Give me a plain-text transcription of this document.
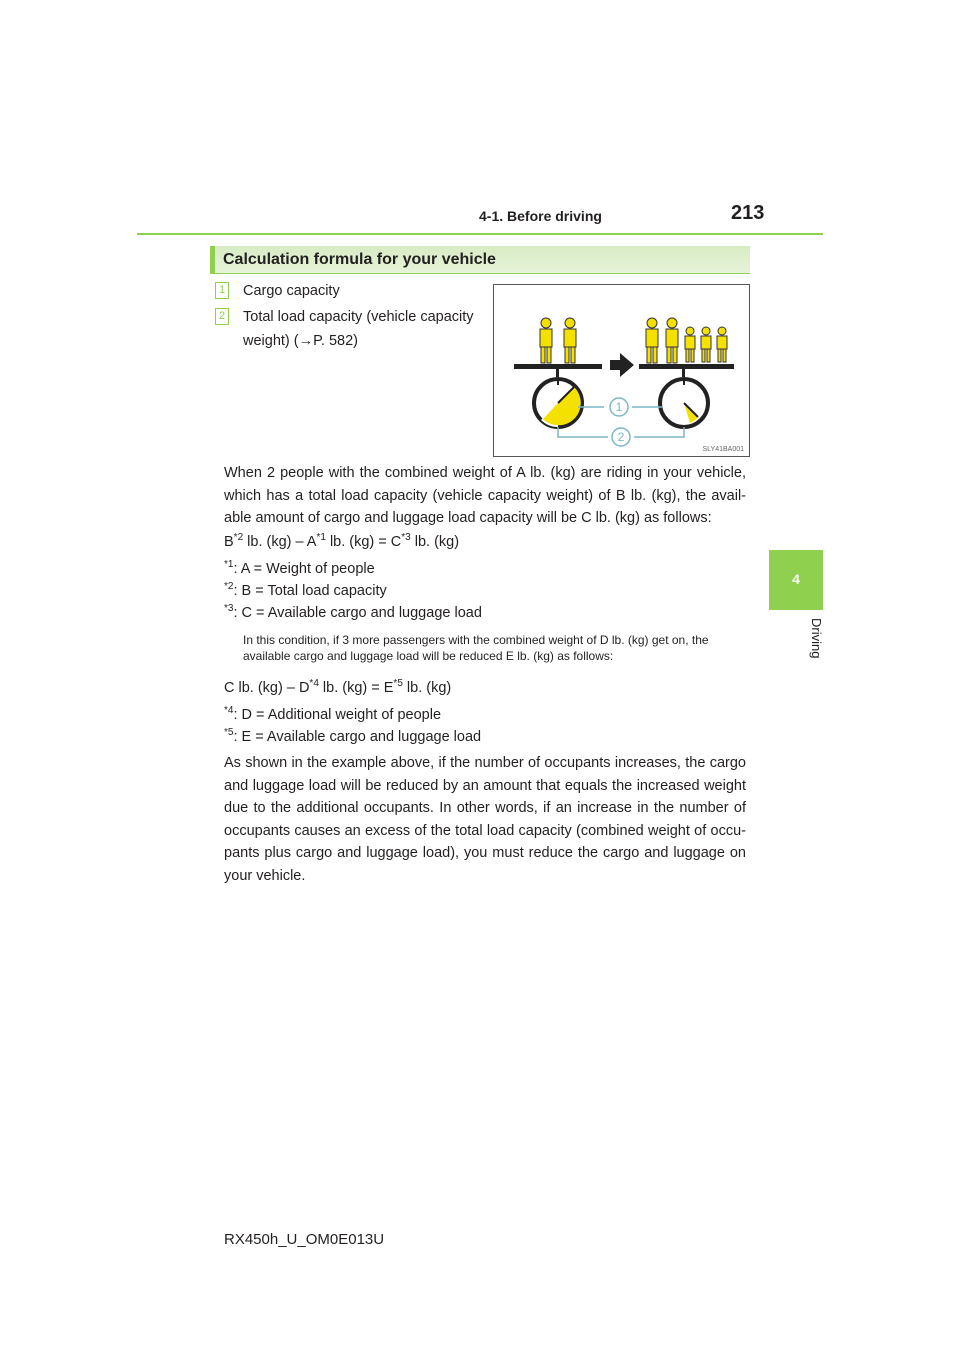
4-1. Before driving	213
4
Driving
Calculation formula for your vehicle
1 Cargo capacity
2 Total load capacity (vehicle capacity weight) (→P. 582)
1
2
SLY41BA001
When 2 people with the combined weight of A lb. (kg) are riding in your vehicle, which has a total load capacity (vehicle capacity weight) of B lb. (kg), the avail-able amount of cargo and luggage load capacity will be C lb. (kg) as follows:
$B^{*2}$ lb. $(kg) - A^{*1}$ lb. $(kg) = C^{*3}$ lb. (kg)
$^{*1}$: A = Weight of people
$^{*2}$: B = Total load capacity
$^{*3}$: C = Available cargo and luggage load
In this condition, if 3 more passengers with the combined weight of D lb. (kg) get on, the available cargo and luggage load will be reduced E lb. (kg) as follows:
C lb. $(kg) - D^{*4}$ lb. $(kg) = E^{*5}$ lb. (kg)
$^{*4}$: D = Additional weight of people
$^{*5}$: E = Available cargo and luggage load
As shown in the example above, if the number of occupants increases, the cargo and luggage load will be reduced by an amount that equals the increased weight due to the additional occupants. In other words, if an increase in the number of occupants causes an excess of the total load capacity (combined weight of occu-pants plus cargo and luggage load), you must reduce the cargo and luggage on your vehicle.
RX450h_U_OM0E013U
